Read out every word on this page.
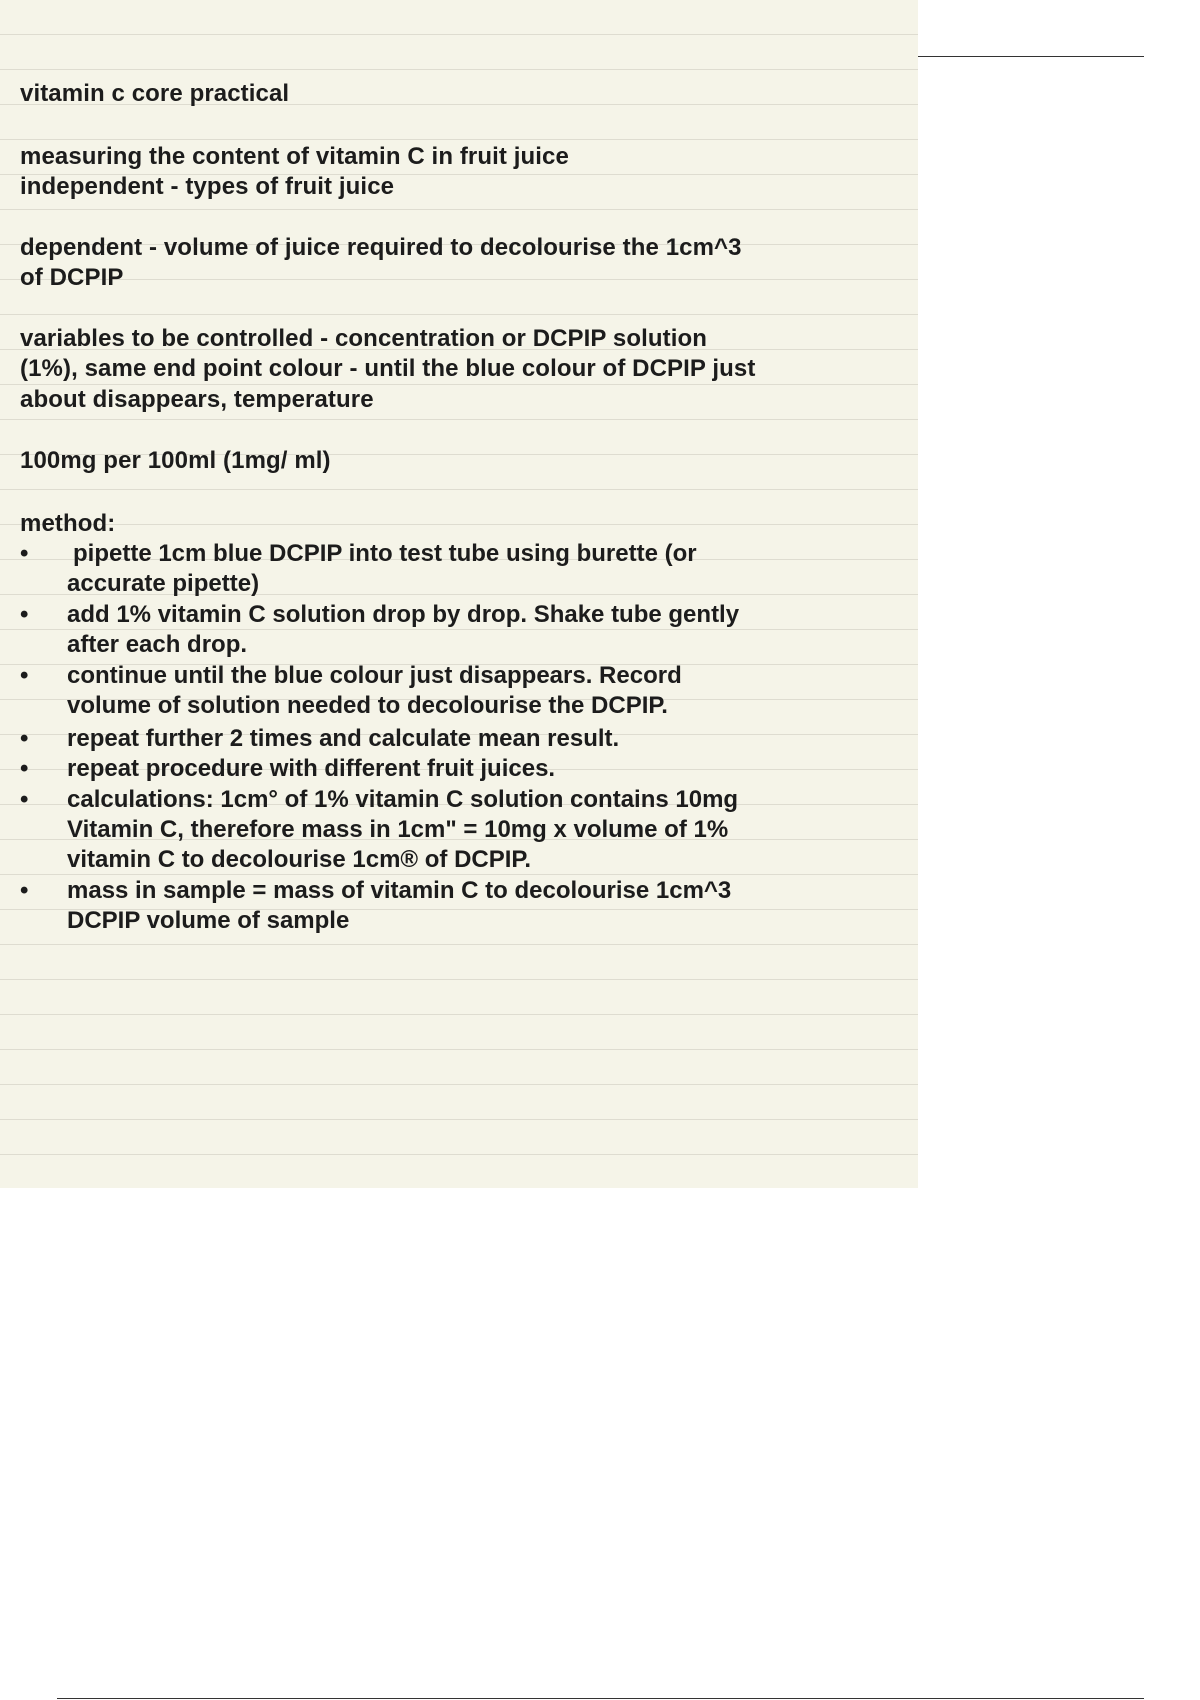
vitamin c core practical

measuring the content of vitamin C in fruit juice

independent - types of fruit juice

dependent - volume of juice required to decolourise the 1cm^3

of DCPIP

variables to be controlled - concentration or DCPIP solution

(1%), same end point colour - until the blue colour of DCPIP just

about disappears, temperature

100mg per 100ml (1mg/ ml)

method:

•	pipette 1cm blue DCPIP into test tube using burette (or
accurate pipette)
•	add 1% vitamin C solution drop by drop. Shake tube gently
after each drop.
•	continue until the blue colour just disappears. Record
volume of solution needed to decolourise the DCPIP.
•	repeat further 2 times and calculate mean result.
•	repeat procedure with different fruit juices.
•	calculations: 1cm° of 1% vitamin C solution contains 10mg
Vitamin C, therefore mass in 1cm" = 10mg x volume of 1%
vitamin C to decolourise 1cm® of DCPIP.
•	mass in sample = mass of vitamin C to decolourise 1cm^3
DCPIP volume of sample
